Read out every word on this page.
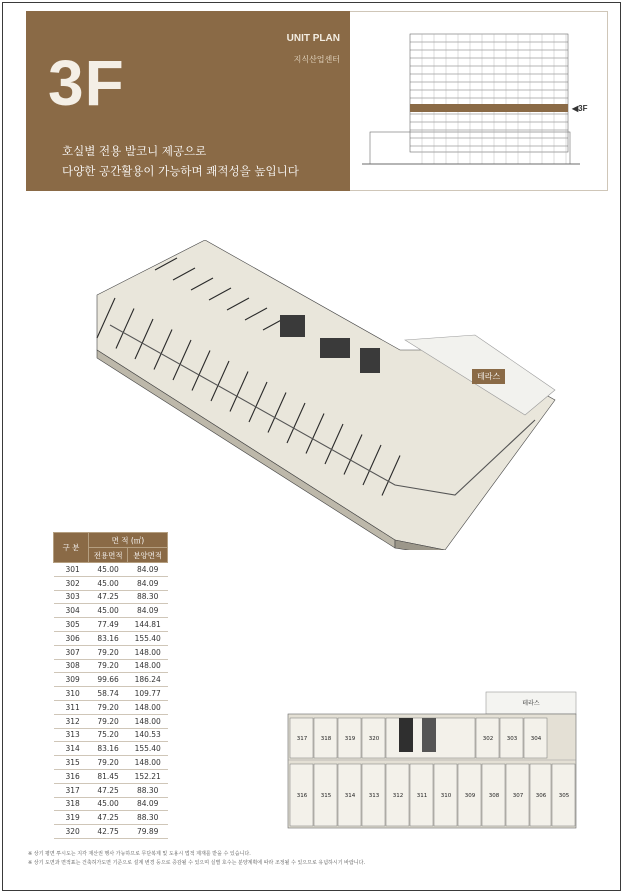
3F
UNIT PLAN
지식산업센터
호실별 전용 발코니 제공으로
다양한 공간활용이 가능하며 쾌적성을 높입니다
◀3F
테라스
구 분	면 적 (㎡)	
	전용면적	분양면적
301	45.00	84.09
302	45.00	84.09
303	47.25	88.30
304	45.00	84.09
305	77.49	144.81
306	83.16	155.40
307	79.20	148.00
308	79.20	148.00
309	99.66	186.24
310	58.74	109.77
311	79.20	148.00
312	79.20	148.00
313	75.20	140.53
314	83.16	155.40
315	79.20	148.00
316	81.45	152.21
317	47.25	88.30
318	45.00	84.09
319	47.25	88.30
320	42.75	79.89
테라스
317 318 319 320	302 303 304
316 315 314 313 312 311 310 309 308 307 306 305
※ 상기 평면 투시도는 지각 재산권 행사 가능하므로 무단복제 및 도용시 법적 제재를 받을 수 있습니다.
※ 상기 도면과 면적표는 건축허가도면 기준으로 설계 변경 등으로 증감될 수 있으며 실별 호수는 분양계획에 따라 조정될 수 있으므로 유념하시기 바랍니다.
